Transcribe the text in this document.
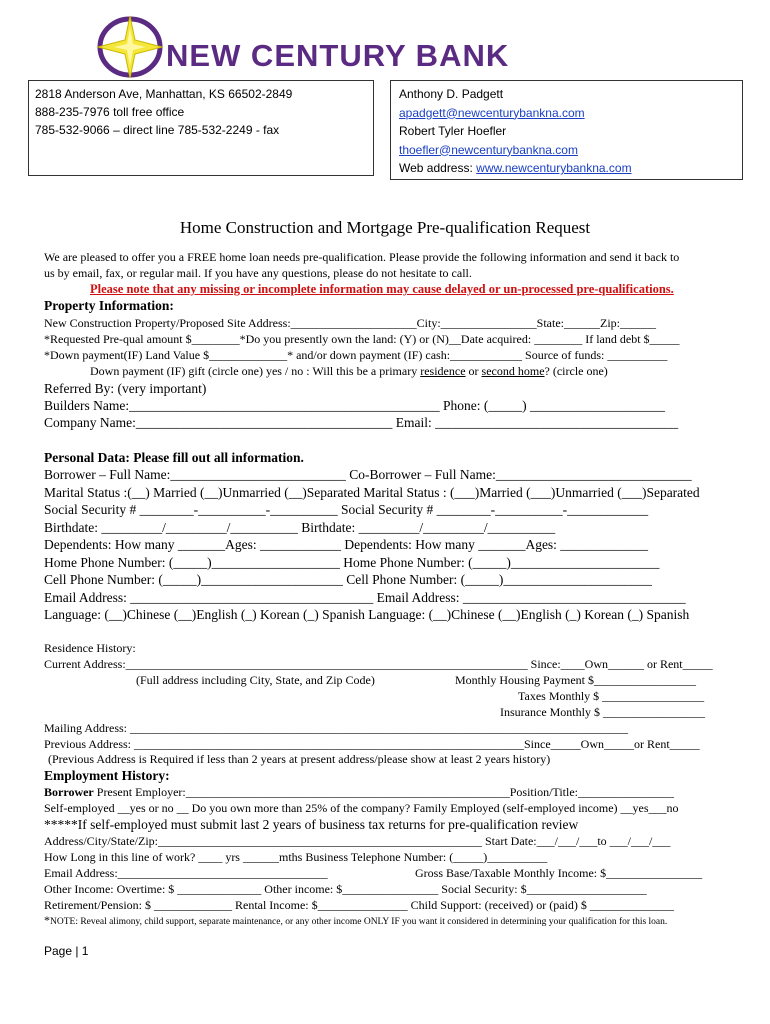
NEW CENTURY BANK
2818 Anderson Ave, Manhattan, KS 66502-2849
888-235-7976 toll free office
785-532-9066 – direct line 785-532-2249 - fax
Anthony D. Padgett
apadgett@newcenturybankna.com
Robert Tyler Hoefler
thoefler@newcenturybankna.com
Web address: www.newcenturybankna.com
Home Construction and Mortgage Pre-qualification Request
We are pleased to offer you a FREE home loan needs pre-qualification. Please provide the following information and send it back to
us by email, fax, or regular mail. If you have any questions, please do not hesitate to call.
Please note that any missing or incomplete information may cause delayed or un-processed pre-qualifications.
Property Information:
New Construction Property/Proposed Site Address:_____________________City:________________State:______Zip:______
*Requested Pre-qual amount $________*Do you presently own the land: (Y) or (N)__Date acquired: ________ If land debt $_____
*Down payment(IF) Land Value $_____________* and/or down payment (IF) cash:____________ Source of funds: __________
Down payment (IF) gift (circle one) yes / no : Will this be a primary residence or second home? (circle one)
Referred By: (very important)
Builders Name:______________________________________________ Phone: (_____) ____________________
Company Name:______________________________________ Email: ____________________________________
Personal Data: Please fill out all information.
Borrower – Full Name:__________________________ Co-Borrower – Full Name:_____________________________
Marital Status :(__) Married (__)Unmarried (__)Separated Marital Status : (___)Married (___)Unmarried (___)Separated
Social Security # ________-__________-__________ Social Security # ________-__________-____________
Birthdate: _________/_________/__________ Birthdate: _________/_________/__________
Dependents: How many _______Ages: ____________ Dependents: How many _______Ages: _____________
Home Phone Number: (_____)___________________ Home Phone Number: (_____)______________________
Cell Phone Number: (_____)_____________________ Cell Phone Number: (_____)______________________
Email Address: ____________________________________ Email Address: _________________________________
Language: (__)Chinese (__)English (_) Korean (_) Spanish Language: (__)Chinese (__)English (_) Korean (_) Spanish
Residence History:
Current Address:___________________________________________________________________ Since:____Own______ or Rent_____
(Full address including City, State, and Zip Code)	Monthly Housing Payment $_________________
Taxes Monthly $ _________________
Insurance Monthly $ _________________
Mailing Address: ___________________________________________________________________________________
Previous Address: _________________________________________________________________Since_____Own_____or Rent_____
(Previous Address is Required if less than 2 years at present address/please show at least 2 years history)
Employment History:
Borrower Present Employer:______________________________________________________Position/Title:________________
Self-employed __yes or no __ Do you own more than 25% of the company? Family Employed (self-employed income) __yes___no
*****If self-employed must submit last 2 years of business tax returns for pre-qualification review
Address/City/State/Zip:______________________________________________________ Start Date:___/___/___to ___/___/___
How Long in this line of work? ____ yrs ______mths Business Telephone Number: (_____)__________
Email Address:___________________________________	Gross Base/Taxable Monthly Income: $________________
Other Income: Overtime: $ ______________ Other income: $________________ Social Security: $____________________
Retirement/Pension: $ _____________ Rental Income: $_______________ Child Support: (received) or (paid) $ ______________
*NOTE: Reveal alimony, child support, separate maintenance, or any other income ONLY IF you want it considered in determining your qualification for this loan.
Page | 1
